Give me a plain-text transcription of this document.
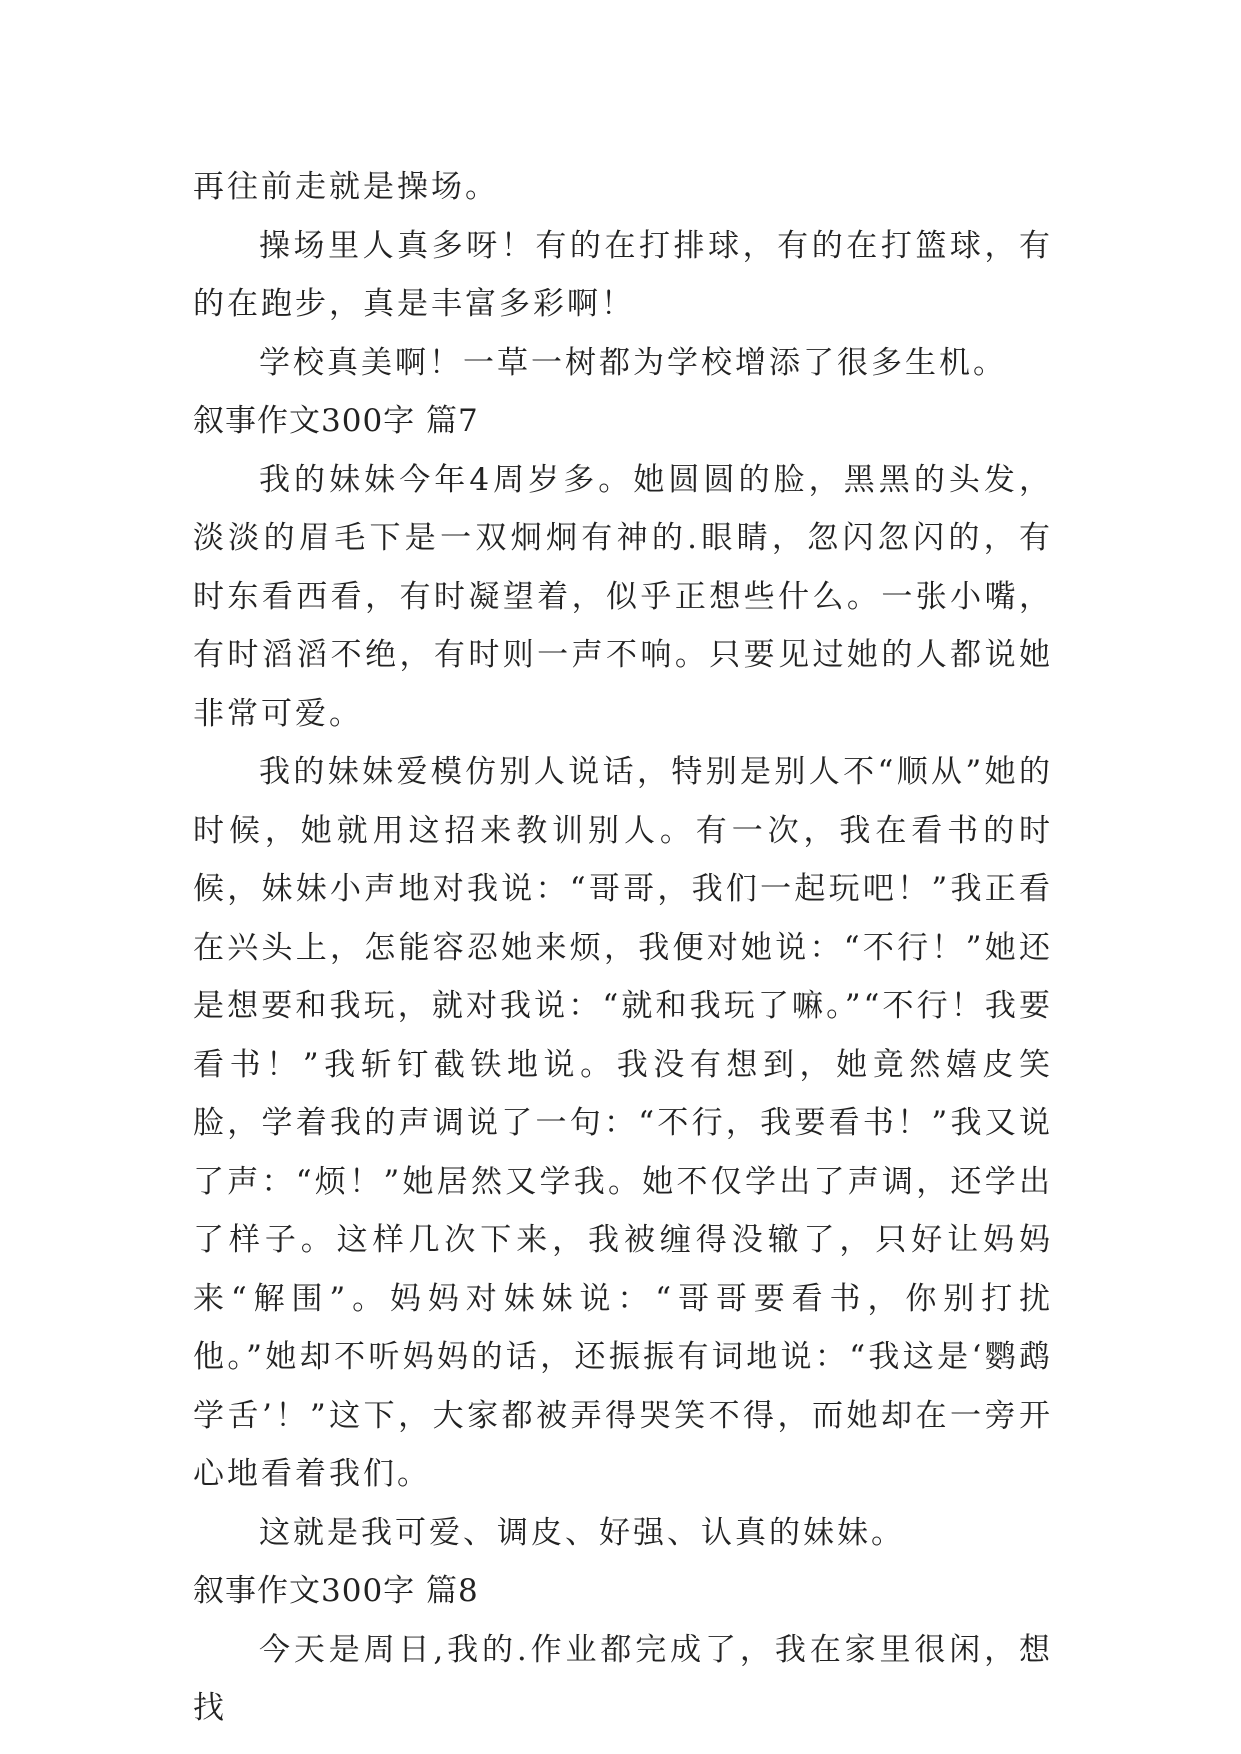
再往前走就是操场。

操场里人真多呀！有的在打排球，有的在打篮球，有的在跑步，真是丰富多彩啊！

学校真美啊！一草一树都为学校增添了很多生机。

叙事作文300字 篇7

我的妹妹今年4周岁多。她圆圆的脸，黑黑的头发，淡淡的眉毛下是一双炯炯有神的.眼睛，忽闪忽闪的，有时东看西看，有时凝望着，似乎正想些什么。一张小嘴，有时滔滔不绝，有时则一声不响。只要见过她的人都说她非常可爱。

我的妹妹爱模仿别人说话，特别是别人不“顺从”她的时候，她就用这招来教训别人。有一次，我在看书的时候，妹妹小声地对我说：“哥哥，我们一起玩吧！”我正看在兴头上，怎能容忍她来烦，我便对她说：“不行！”她还是想要和我玩，就对我说：“就和我玩了嘛。”“不行！我要看书！”我斩钉截铁地说。我没有想到，她竟然嬉皮笑脸，学着我的声调说了一句：“不行，我要看书！”我又说了声：“烦！”她居然又学我。她不仅学出了声调，还学出了样子。这样几次下来，我被缠得没辙了，只好让妈妈来“解围”。妈妈对妹妹说：“哥哥要看书，你别打扰他。”她却不听妈妈的话，还振振有词地说：“我这是‘鹦鹉学舌’！”这下，大家都被弄得哭笑不得，而她却在一旁开心地看着我们。

这就是我可爱、调皮、好强、认真的妹妹。

叙事作文300字 篇8

今天是周日,我的.作业都完成了，我在家里很闲，想找
